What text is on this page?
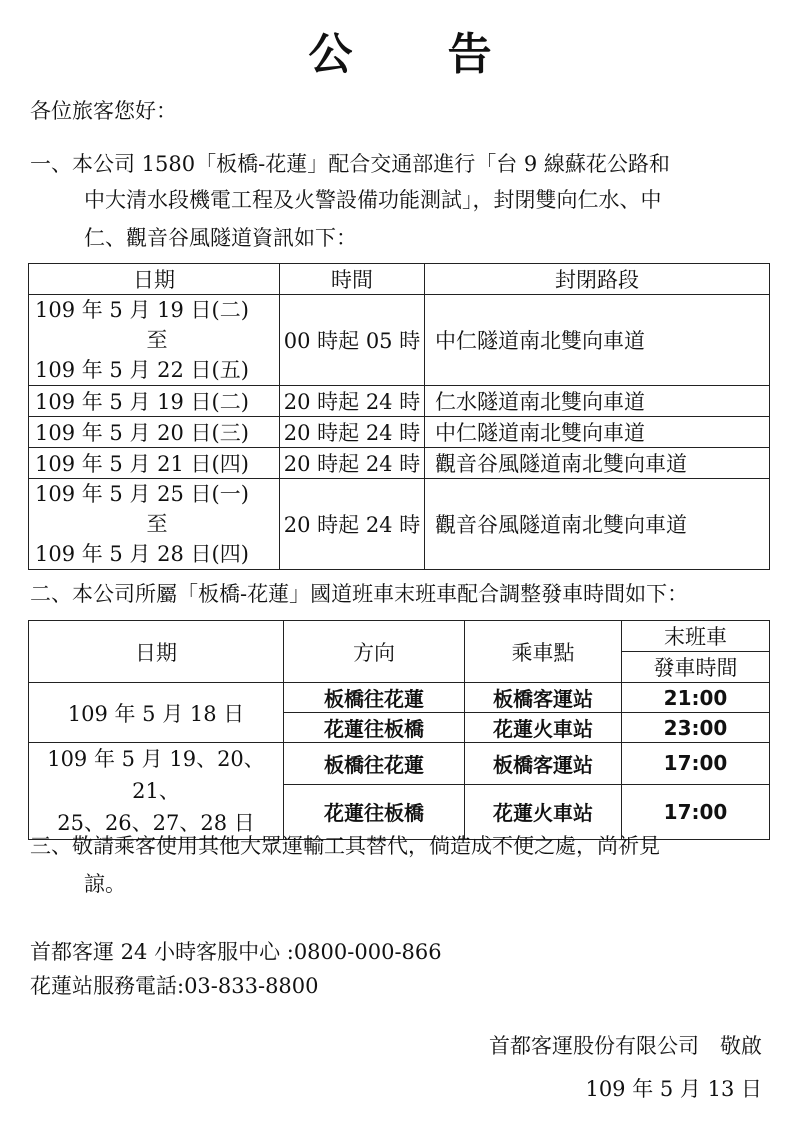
公 告
各位旅客您好：
一、本公司 1580「板橋-花蓮」配合交通部進行「台 9 線蘇花公路和
中大清水段機電工程及火警設備功能測試」，封閉雙向仁水、中
仁、觀音谷風隧道資訊如下：
日期	時間	封閉路段

109 年 5 月 19 日(二)
至
109 年 5 月 22 日(五)	00 時起 05 時	中仁隧道南北雙向車道
109 年 5 月 19 日(二)	20 時起 24 時	仁水隧道南北雙向車道
109 年 5 月 20 日(三)	20 時起 24 時	中仁隧道南北雙向車道
109 年 5 月 21 日(四)	20 時起 24 時	觀音谷風隧道南北雙向車道

109 年 5 月 25 日(一)
至
109 年 5 月 28 日(四)	20 時起 24 時	觀音谷風隧道南北雙向車道
二、本公司所屬「板橋-花蓮」國道班車末班車配合調整發車時間如下：
日期	方向	乘車點	末班車
			發車時間
109 年 5 月 18 日	板橋往花蓮	板橋客運站	21:00
	花蓮往板橋	花蓮火車站	23:00

109 年 5 月 19、20、21、
25、26、27、28 日	板橋往花蓮	板橋客運站	17:00
	花蓮往板橋	花蓮火車站	17:00
三、敬請乘客使用其他大眾運輸工具替代，倘造成不便之處，尚祈見
諒。
首都客運 24 小時客服中心 :0800-000-866
花蓮站服務電話:03-833-8800
首都客運股份有限公司　敬啟
109 年 5 月 13 日
